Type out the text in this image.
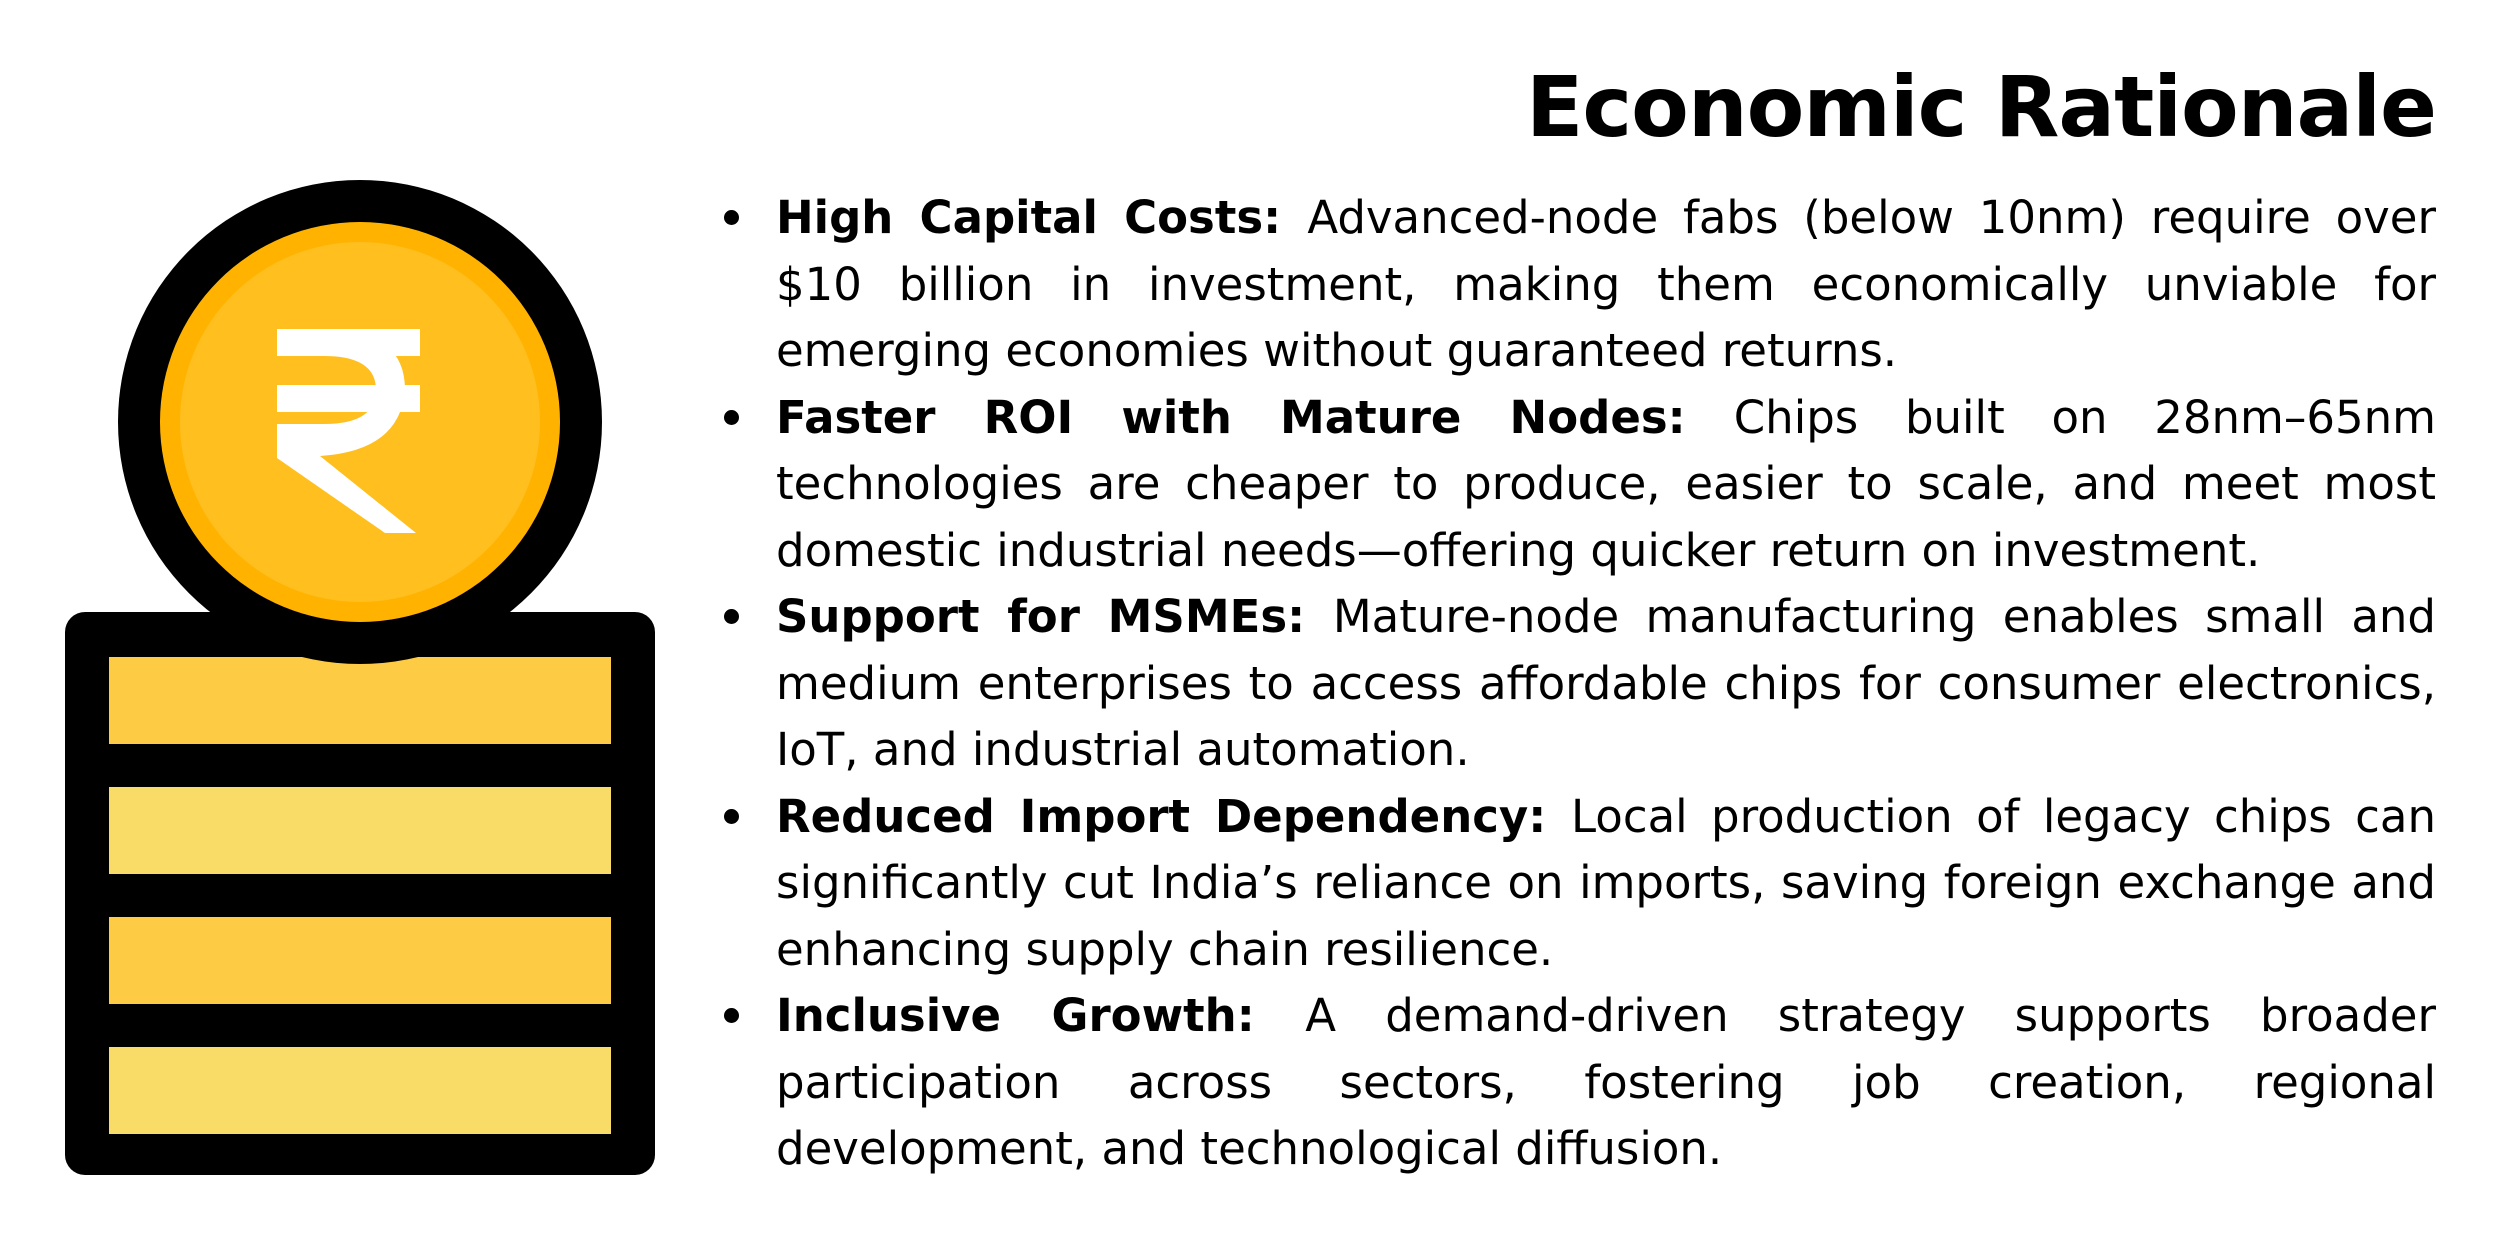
Economic Rationale
High Capital Costs: Advanced-node fabs (below 10nm) require over $10 billion in investment, making them economically unviable for emerging economies without guaranteed returns.
Faster ROI with Mature Nodes: Chips built on 28nm–65nm technologies are cheaper to produce, easier to scale, and meet most domestic industrial needs—offering quicker return on investment.
Support for MSMEs: Mature-node manufacturing enables small and medium enterprises to access affordable chips for consumer electronics, IoT, and industrial automation.
Reduced Import Dependency: Local production of legacy chips can significantly cut India’s reliance on imports, saving foreign exchange and enhancing supply chain resilience.
Inclusive Growth: A demand-driven strategy supports broader participation across sectors, fostering job creation, regional development, and technological diffusion.
